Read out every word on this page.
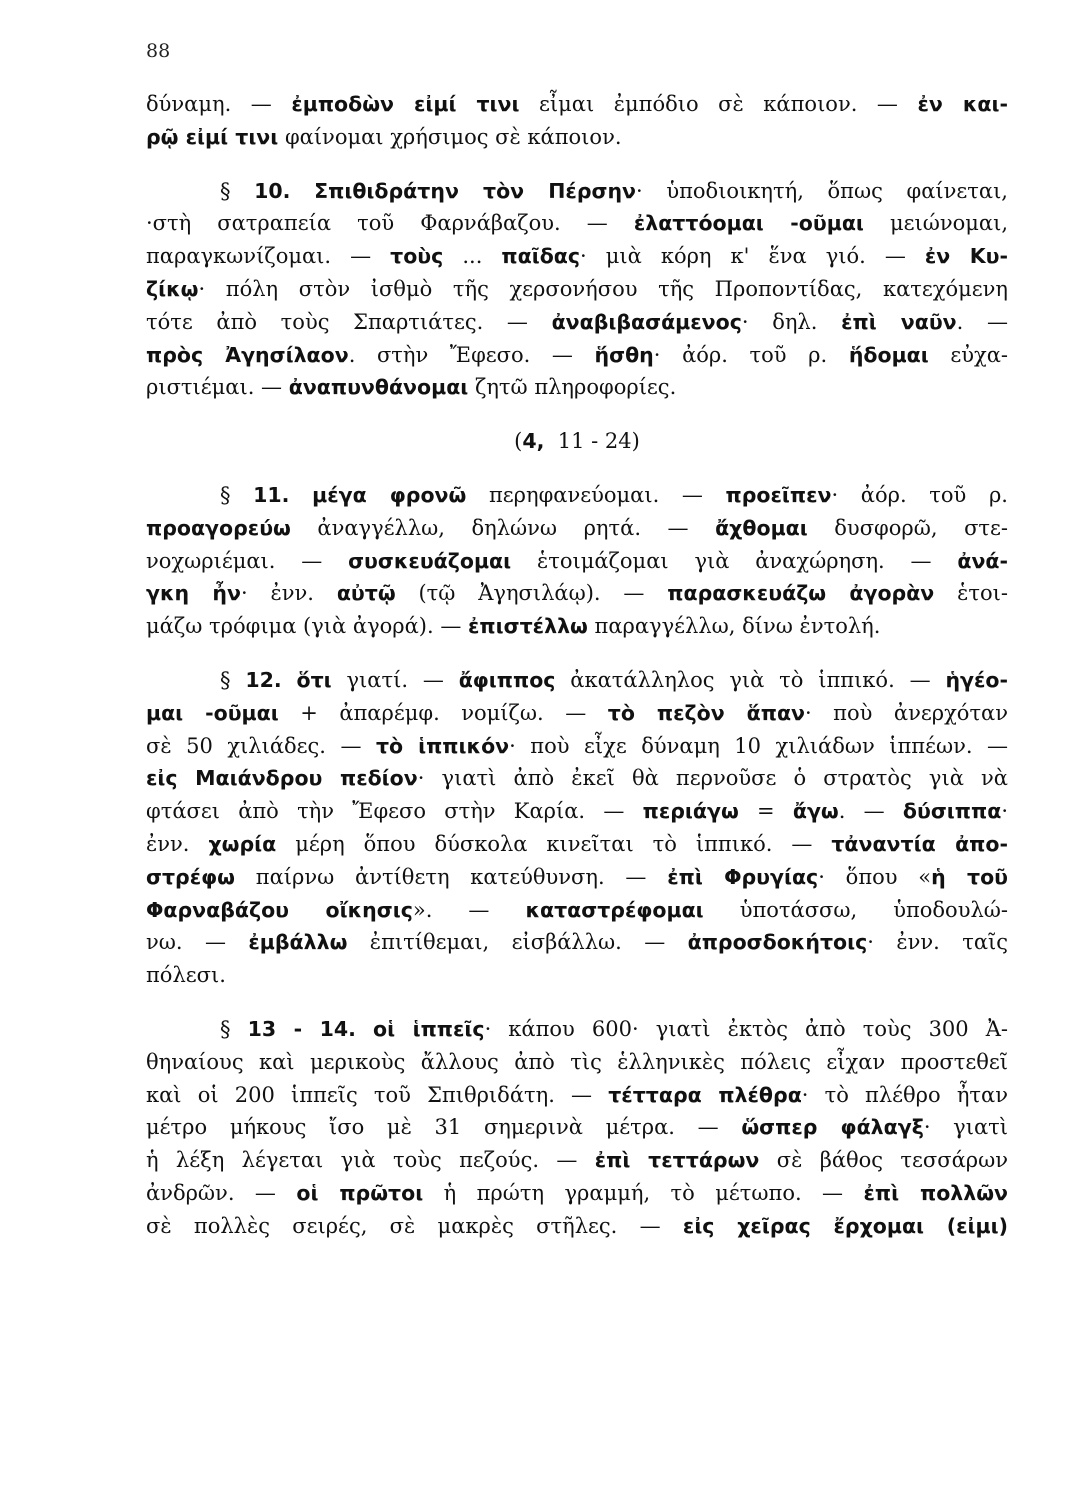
88
δύναμη. — ἐμποδὼν εἰμί τινι εἶμαι ἐμπόδιο σὲ κάποιον. — ἐν και-
ρῷ εἰμί τινι φαίνομαι χρήσιμος σὲ κάποιον.
§ 10. Σπιθιδράτην τὸν Πέρσην· ὑποδιοικητή, ὅπως φαίνεται,
·στὴ σατραπεία τοῦ Φαρνάβαζου. — ἐλαττόομαι -οῦμαι μειώνομαι,
παραγκωνίζομαι. — τοὺς ... παῖδας· μιὰ κόρη κ' ἕνα γιό. — ἐν Κυ-
ζίκῳ· πόλη στὸν ἰσθμὸ τῆς χερσονήσου τῆς Προποντίδας, κατεχόμενη
τότε ἀπὸ τοὺς Σπαρτιάτες. — ἀναβιβασάμενος· δηλ. ἐπὶ ναῦν. —
πρὸς Ἀγησίλαον. στὴν Ἔφεσο. — ἥσθη· ἀόρ. τοῦ ρ. ἥδομαι εὐχα-
ριστιέμαι. — ἀναπυνθάνομαι ζητῶ πληροφορίες.
(4,  11 - 24)
§ 11. μέγα φρονῶ περηφανεύομαι. — προεῖπεν· ἀόρ. τοῦ ρ.
προαγορεύω ἀναγγέλλω, δηλώνω ρητά. — ἄχθομαι δυσφορῶ, στε-
νοχωριέμαι. — συσκευάζομαι ἑτοιμάζομαι γιὰ ἀναχώρηση. — ἀνά-
γκη ἦν· ἐνν. αὐτῷ (τῷ Ἀγησιλάῳ). — παρασκευάζω ἀγορὰν ἑτοι-
μάζω τρόφιμα (γιὰ ἀγορά). — ἐπιστέλλω παραγγέλλω, δίνω ἐντολή.
§ 12. ὅτι γιατί. — ἄφιππος ἀκατάλληλος γιὰ τὸ ἱππικό. — ἡγέο-
μαι -οῦμαι + ἀπαρέμφ. νομίζω. — τὸ πεζὸν ἅπαν· ποὺ ἀνερχόταν
σὲ 50 χιλιάδες. — τὸ ἱππικόν· ποὺ εἶχε δύναμη 10 χιλιάδων ἱππέων. —
εἰς Μαιάνδρου πεδίον· γιατὶ ἀπὸ ἐκεῖ θὰ περνοῦσε ὁ στρατὸς γιὰ νὰ
φτάσει ἀπὸ τὴν Ἔφεσο στὴν Καρία. — περιάγω = ἄγω. — δύσιππα·
ἐνν. χωρία μέρη ὅπου δύσκολα κινεῖται τὸ ἱππικό. — τἀναντία ἀπο-
στρέφω παίρνω ἀντίθετη κατεύθυνση. — ἐπὶ Φρυγίας· ὅπου «ἡ τοῦ
Φαρναβάζου οἴκησις». — καταστρέφομαι ὑποτάσσω, ὑποδουλώ-
νω. — ἐμβάλλω ἐπιτίθεμαι, εἰσβάλλω. — ἀπροσδοκήτοις· ἐνν. ταῖς
πόλεσι.
§ 13 - 14. οἱ ἱππεῖς· κάπου 600· γιατὶ ἐκτὸς ἀπὸ τοὺς 300 Ἀ-
θηναίους καὶ μερικοὺς ἄλλους ἀπὸ τὶς ἑλληνικὲς πόλεις εἶχαν προστεθεῖ
καὶ οἱ 200 ἱππεῖς τοῦ Σπιθριδάτη. — τέτταρα πλέθρα· τὸ πλέθρο ἦταν
μέτρο μήκους ἴσο μὲ 31 σημερινὰ μέτρα. — ὥσπερ φάλαγξ· γιατὶ
ἡ λέξη λέγεται γιὰ τοὺς πεζούς. — ἐπὶ τεττάρων σὲ βάθος τεσσάρων
ἀνδρῶν. — οἱ πρῶτοι ἡ πρώτη γραμμή, τὸ μέτωπο. — ἐπὶ πολλῶν
σὲ πολλὲς σειρές, σὲ μακρὲς στῆλες. — εἰς χεῖρας ἔρχομαι (εἰμι)
